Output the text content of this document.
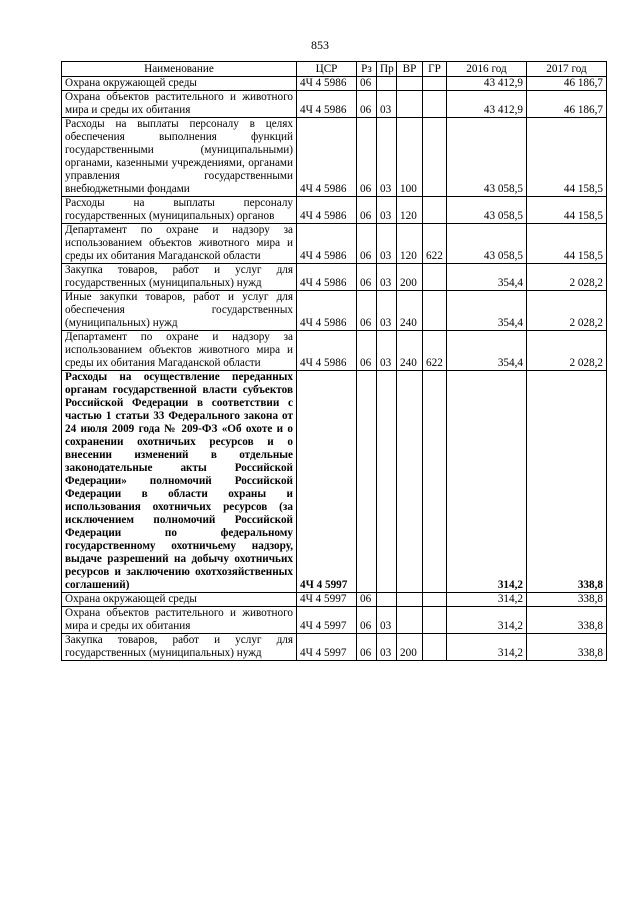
853
Наименование	ЦСР	Рз	Пр	ВР	ГР	2016 год	2017 год
Охрана окружающей среды	4Ч 4 5986	06				43 412,9	46 186,7
Охрана объектов растительного и животного мира и среды их обитания	4Ч 4 5986	06	03			43 412,9	46 186,7
Расходы на выплаты персоналу в целях обеспечения выполнения функций государственными (муниципальными) органами, казенными учреждениями, органами управления государственными внебюджетными фондами	4Ч 4 5986	06	03	100		43 058,5	44 158,5
Расходы на выплаты персоналу государственных (муниципальных) органов	4Ч 4 5986	06	03	120		43 058,5	44 158,5
Департамент по охране и надзору за использованием объектов животного мира и среды их обитания Магаданской области	4Ч 4 5986	06	03	120	622	43 058,5	44 158,5
Закупка товаров, работ и услуг для государственных (муниципальных) нужд	4Ч 4 5986	06	03	200		354,4	2 028,2
Иные закупки товаров, работ и услуг для обеспечения государственных (муниципальных) нужд	4Ч 4 5986	06	03	240		354,4	2 028,2
Департамент по охране и надзору за использованием объектов животного мира и среды их обитания Магаданской области	4Ч 4 5986	06	03	240	622	354,4	2 028,2
Расходы на осуществление переданных органам государственной власти субъектов Российской Федерации в соответствии с частью 1 статьи 33 Федерального закона от 24 июля 2009 года № 209-ФЗ «Об охоте и о сохранении охотничьих ресурсов и о внесении изменений в отдельные законодательные акты Российской Федерации» полномочий Российской Федерации в области охраны и использования охотничьих ресурсов (за исключением полномочий Российской Федерации по федеральному государственному охотничьему надзору, выдаче разрешений на добычу охотничьих ресурсов и заключению охотхозяйственных соглашений)	4Ч 4 5997					314,2	338,8
Охрана окружающей среды	4Ч 4 5997	06				314,2	338,8
Охрана объектов растительного и животного мира и среды их обитания	4Ч 4 5997	06	03			314,2	338,8
Закупка товаров, работ и услуг для государственных (муниципальных) нужд	4Ч 4 5997	06	03	200		314,2	338,8
